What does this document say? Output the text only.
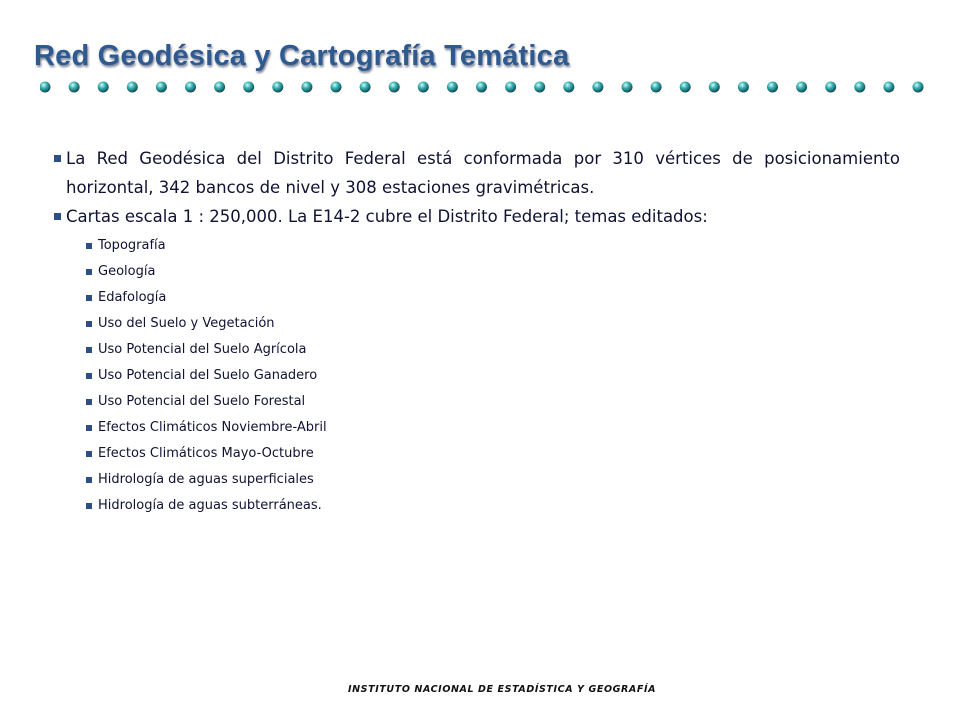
Red Geodésica y Cartografía Temática

La Red Geodésica del Distrito Federal está conformada por 310 vértices de posicionamiento horizontal, 342 bancos de nivel y 308 estaciones gravimétricas.

Cartas escala 1 : 250,000. La E14-2 cubre el Distrito Federal; temas editados:

Topografía
Geología
Edafología
Uso del Suelo y Vegetación
Uso Potencial del Suelo Agrícola
Uso Potencial del Suelo Ganadero
Uso Potencial del Suelo Forestal
Efectos Climáticos Noviembre-Abril
Efectos Climáticos Mayo-Octubre
Hidrología de aguas superficiales
Hidrología de aguas subterráneas.
INSTITUTO NACIONAL DE ESTADÍSTICA Y GEOGRAFÍA
